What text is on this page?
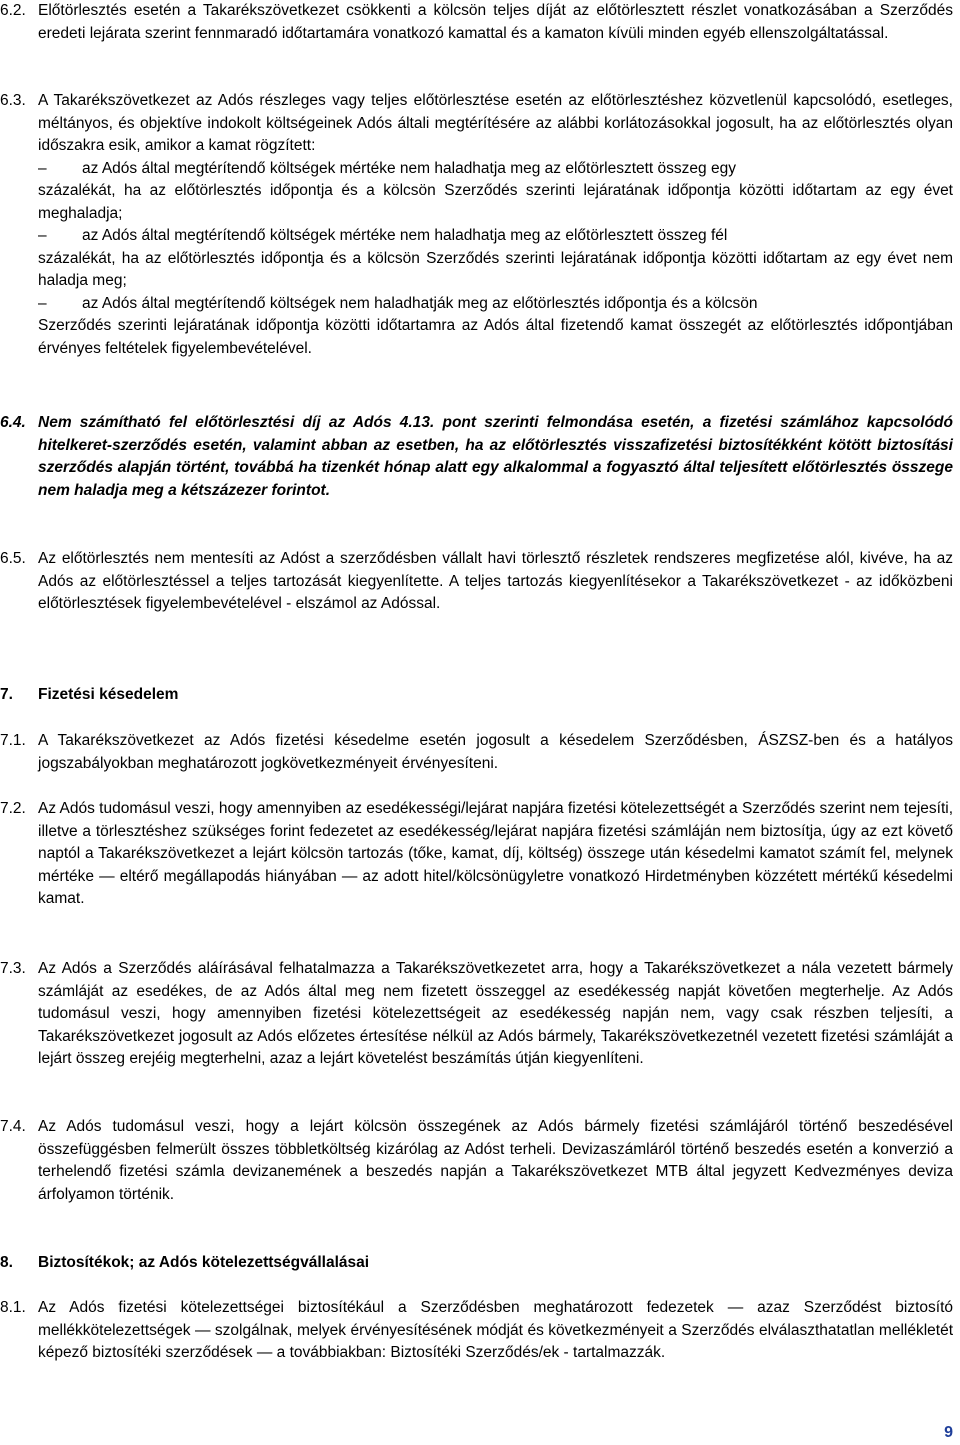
6.2. Előtörlesztés esetén a Takarékszövetkezet csökkenti a kölcsön teljes díját az előtörlesztett részlet vonatkozásában a Szerződés eredeti lejárata szerint fennmaradó időtartamára vonatkozó kamattal és a kamaton kívüli minden egyéb ellenszolgáltatással.
6.3. A Takarékszövetkezet az Adós részleges vagy teljes előtörlesztése esetén az előtörlesztéshez közvetlenül kapcsolódó, esetleges, méltányos, és objektíve indokolt költségeinek Adós általi megtérítésére az alábbi korlátozásokkal jogosult, ha az előtörlesztés olyan időszakra esik, amikor a kamat rögzített:
– az Adós által megtérítendő költségek mértéke nem haladhatja meg az előtörlesztett összeg egy
százalékát, ha az előtörlesztés időpontja és a kölcsön Szerződés szerinti lejáratának időpontja közötti időtartam az egy évet meghaladja;
– az Adós által megtérítendő költségek mértéke nem haladhatja meg az előtörlesztett összeg fél
százalékát, ha az előtörlesztés időpontja és a kölcsön Szerződés szerinti lejáratának időpontja közötti időtartam az egy évet nem haladja meg;
– az Adós által megtérítendő költségek nem haladhatják meg az előtörlesztés időpontja és a kölcsön
Szerződés szerinti lejáratának időpontja közötti időtartamra az Adós által fizetendő kamat összegét az előtörlesztés időpontjában érvényes feltételek figyelembevételével.
6.4. Nem számítható fel előtörlesztési díj az Adós 4.13. pont szerinti felmondása esetén, a fizetési számlához kapcsolódó hitelkeret-szerződés esetén, valamint abban az esetben, ha az előtörlesztés visszafizetési biztosítékként kötött biztosítási szerződés alapján történt, továbbá ha tizenkét hónap alatt egy alkalommal a fogyasztó által teljesített előtörlesztés összege nem haladja meg a kétszázezer forintot.
6.5. Az előtörlesztés nem mentesíti az Adóst a szerződésben vállalt havi törlesztő részletek rendszeres megfizetése alól, kivéve, ha az Adós az előtörlesztéssel a teljes tartozását kiegyenlítette. A teljes tartozás kiegyenlítésekor a Takarékszövetkezet - az időközbeni előtörlesztések figyelembevételével - elszámol az Adóssal.
7. Fizetési késedelem
7.1. A Takarékszövetkezet az Adós fizetési késedelme esetén jogosult a késedelem Szerződésben, ÁSZSZ-ben és a hatályos jogszabályokban meghatározott jogkövetkezményeit érvényesíteni.
7.2. Az Adós tudomásul veszi, hogy amennyiben az esedékességi/lejárat napjára fizetési kötelezettségét a Szerződés szerint nem tejesíti, illetve a törlesztéshez szükséges forint fedezetet az esedékesség/lejárat napjára fizetési számláján nem biztosítja, úgy az ezt követő naptól a Takarékszövetkezet a lejárt kölcsön tartozás (tőke, kamat, díj, költség) összege után késedelmi kamatot számít fel, melynek mértéke — eltérő megállapodás hiányában — az adott hitel/kölcsönügyletre vonatkozó Hirdetményben közzétett mértékű késedelmi kamat.
7.3. Az Adós a Szerződés aláírásával felhatalmazza a Takarékszövetkezetet arra, hogy a Takarékszövetkezet a nála vezetett bármely számláját az esedékes, de az Adós által meg nem fizetett összeggel az esedékesség napját követően megterhelje. Az Adós tudomásul veszi, hogy amennyiben fizetési kötelezettségeit az esedékesség napján nem, vagy csak részben teljesíti, a Takarékszövetkezet jogosult az Adós előzetes értesítése nélkül az Adós bármely, Takarékszövetkezetnél vezetett fizetési számláját a lejárt összeg erejéig megterhelni, azaz a lejárt követelést beszámítás útján kiegyenlíteni.
7.4. Az Adós tudomásul veszi, hogy a lejárt kölcsön összegének az Adós bármely fizetési számlájáról történő beszedésével összefüggésben felmerült összes többletköltség kizárólag az Adóst terheli. Devizaszámláról történő beszedés esetén a konverzió a terhelendő fizetési számla devizanemének a beszedés napján a Takarékszövetkezet MTB által jegyzett Kedvezményes deviza árfolyamon történik.
8. Biztosítékok; az Adós kötelezettségvállalásai
8.1. Az Adós fizetési kötelezettségei biztosítékául a Szerződésben meghatározott fedezetek — azaz Szerződést biztosító mellékkötelezettségek — szolgálnak, melyek érvényesítésének módját és következményeit a Szerződés elválaszthatatlan mellékletét képező biztosítéki szerződések — a továbbiakban: Biztosítéki Szerződés/ek - tartalmazzák.
9
